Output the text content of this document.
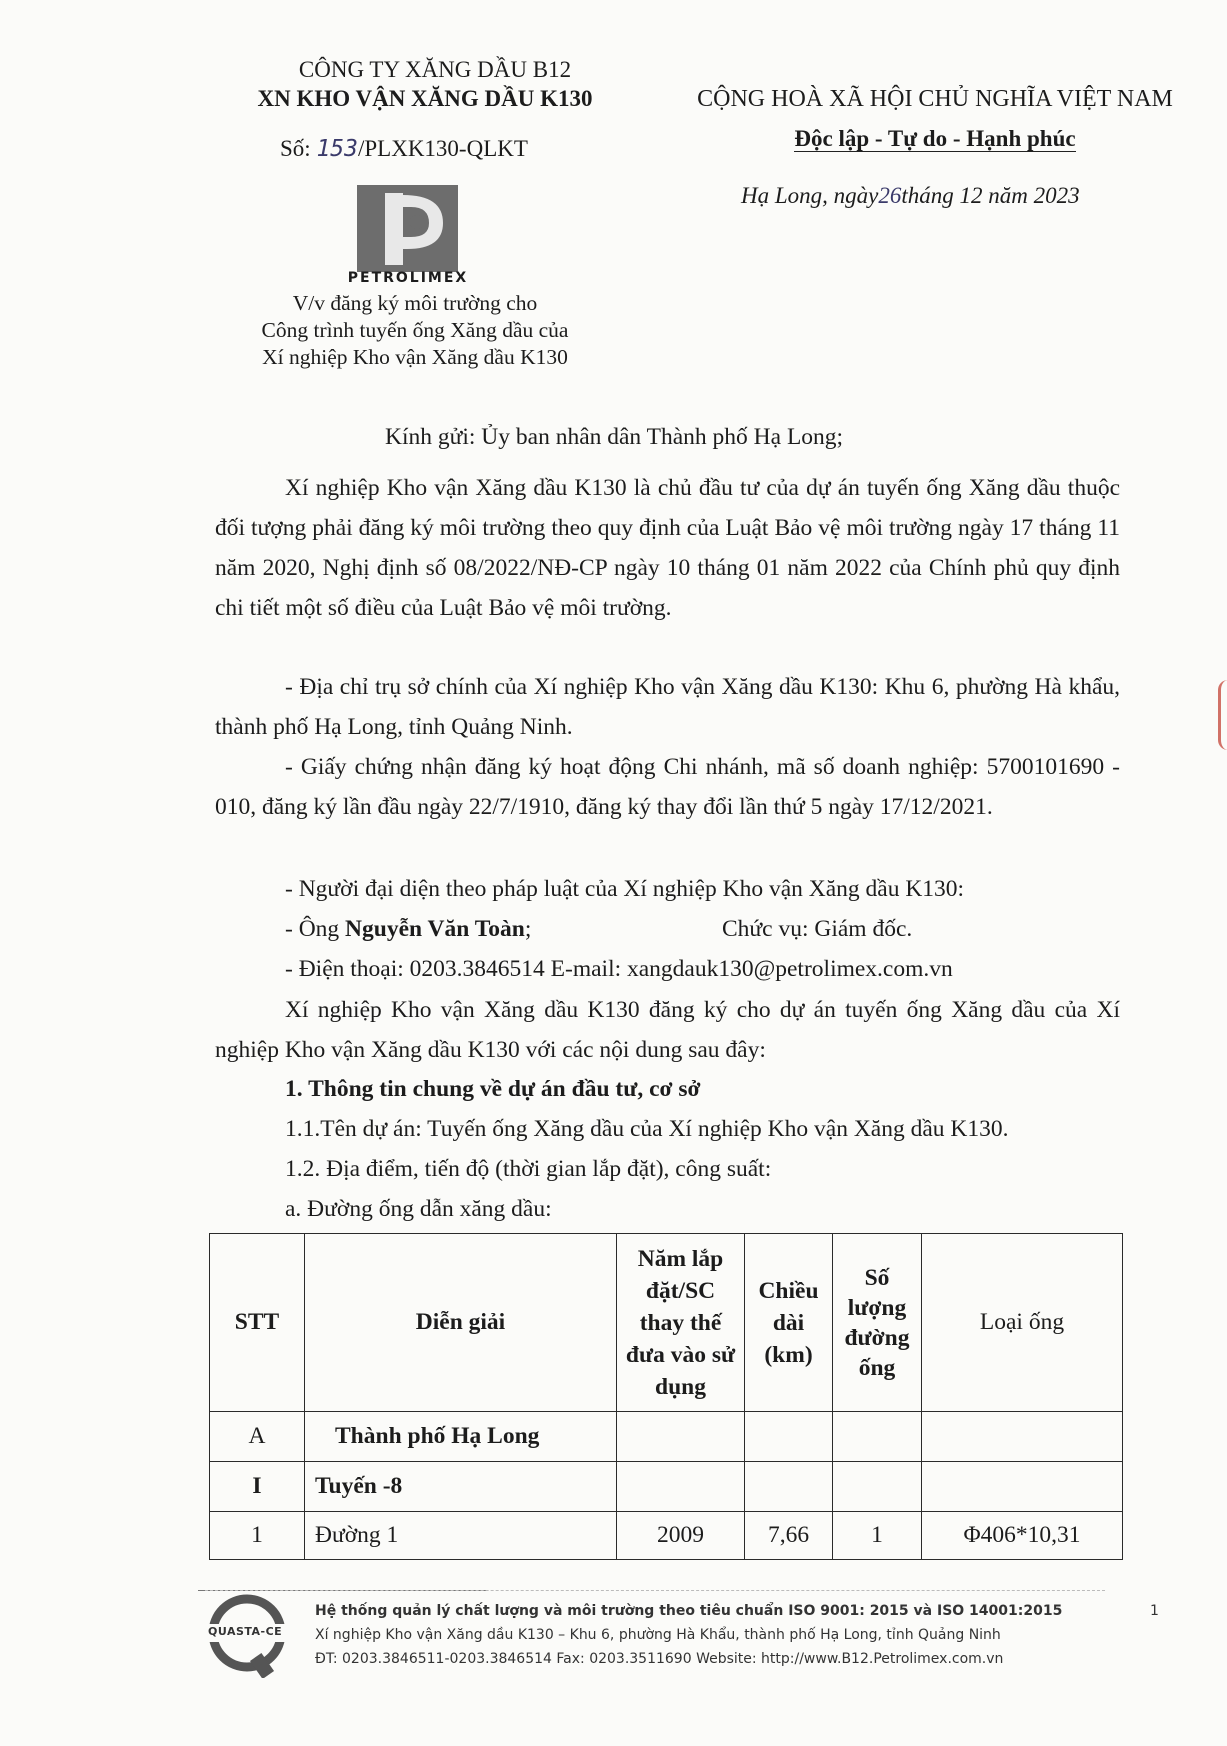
CÔNG TY XĂNG DẦU B12
XN KHO VẬN XĂNG DẦU K130
Số: 153/PLXK130-QLKT
PETROLIMEX
V/v đăng ký môi trường cho
Công trình tuyến ống Xăng dầu của
Xí nghiệp Kho vận Xăng dầu K130
CỘNG HOÀ XÃ HỘI CHỦ NGHĨA VIỆT NAM
Độc lập - Tự do - Hạnh phúc
Hạ Long, ngày26tháng 12 năm 2023
Kính gửi: Ủy ban nhân dân Thành phố Hạ Long;
Xí nghiệp Kho vận Xăng dầu K130 là chủ đầu tư của dự án tuyến ống Xăng dầu thuộc đối tượng phải đăng ký môi trường theo quy định của Luật Bảo vệ môi trường ngày 17 tháng 11 năm 2020, Nghị định số 08/2022/NĐ-CP ngày 10 tháng 01 năm 2022 của Chính phủ quy định chi tiết một số điều của Luật Bảo vệ môi trường.
- Địa chỉ trụ sở chính của Xí nghiệp Kho vận Xăng dầu K130: Khu 6, phường Hà khẩu, thành phố Hạ Long, tỉnh Quảng Ninh.
- Giấy chứng nhận đăng ký hoạt động Chi nhánh, mã số doanh nghiệp: 5700101690 - 010, đăng ký lần đầu ngày 22/7/1910, đăng ký thay đổi lần thứ 5 ngày 17/12/2021.
- Người đại diện theo pháp luật của Xí nghiệp Kho vận Xăng dầu K130:
- Ông Nguyễn Văn Toàn;	Chức vụ: Giám đốc.
- Điện thoại: 0203.3846514 E-mail: xangdauk130@petrolimex.com.vn
Xí nghiệp Kho vận Xăng dầu K130 đăng ký cho dự án tuyến ống Xăng dầu của Xí nghiệp Kho vận Xăng dầu K130 với các nội dung sau đây:
1. Thông tin chung về dự án đầu tư, cơ sở
1.1.Tên dự án: Tuyến ống Xăng dầu của Xí nghiệp Kho vận Xăng dầu K130.
1.2. Địa điểm, tiến độ (thời gian lắp đặt), công suất:
a. Đường ống dẫn xăng dầu:
STT	Diễn giải	Năm lắp đặt/SC thay thế đưa vào sử dụng	Chiều dài (km)	Số lượng đường ống	Loại ống
A	Thành phố Hạ Long				
I	Tuyến -8				
1	Đường 1	2009	7,66	1	Φ406*10,31
QUASTA-CE
Hệ thống quản lý chất lượng và môi trường theo tiêu chuẩn ISO 9001: 2015 và ISO 14001:2015
Xí nghiệp Kho vận Xăng dầu K130 – Khu 6, phường Hà Khẩu, thành phố Hạ Long, tỉnh Quảng Ninh
ĐT: 0203.3846511-0203.3846514 Fax: 0203.3511690 Website: http://www.B12.Petrolimex.com.vn
1
